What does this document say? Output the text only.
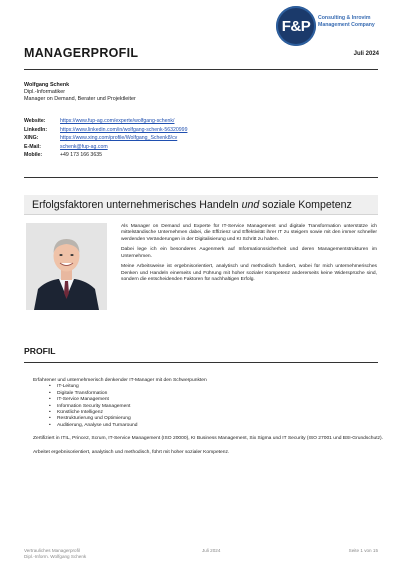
F&P	Consulting & Inrovim
Management Company
MANAGERPROFIL	Juli 2024
Wolfgang Schenk
Dipl.-Informatiker
Manager on Demand, Berater und Projektleiter
Website:	https://www.fup-ag.com/experte/wolfgang-schenk/
LinkedIn:	https://www.linkedin.com/in/wolfgang-schenk-56320999
XING:	https://www.xing.com/profile/Wolfgang_Schenk8/cv
E-Mail:	schenk@fup-ag.com
Mobile:	+49 173 166 3635
Erfolgsfaktoren unternehmerisches Handeln und soziale Kompetenz

Als Manager on Demand und Experte für IT-Service Management und digitale Transformation unterstütze ich mittelständische Unternehmen dabei, die Effizienz und Effektivität ihrer IT zu steigern sowie mit den immer schneller werdenden Veränderungen in der Digitalisierung und KI Schritt zu halten.

Dabei lege ich ein besonderes Augenmerk auf Informationssicherheit und deren Managementstrukturen im Unternehmen.

Meine Arbeitsweise ist ergebnisorientiert, analytisch und methodisch fundiert, wobei für mich unternehmerisches Denken und Handeln einerseits und Führung mit hoher sozialer Kompetenz andererseits keine Widersprüche sind, sondern die entscheidenden Faktoren für nachhaltigen Erfolg.

PROFIL

Erfahrener und unternehmerisch denkender IT-Manager mit den Schwerpunkten

• IT-Leitung
• Digitale Transformation
• IT-Service Management
• Information Security Management
• Künstliche Intelligenz
• Restrukturierung und Optimierung
• Auditierung, Analyse und Turnaround

Zertifiziert in ITIL, Prince2, Scrum, IT-Service Management (ISO 20000), KI Business Management, Six Sigma und IT Security (ISO 27001 und BSI-Grundschutz).

Arbeitet ergebnisorientiert, analytisch und methodisch, führt mit hoher sozialer Kompetenz.

Vertrauliches Managerprofil
Dipl.-Inform. Wolfgang Schenk
Juli 2024	Seite 1 von 15
